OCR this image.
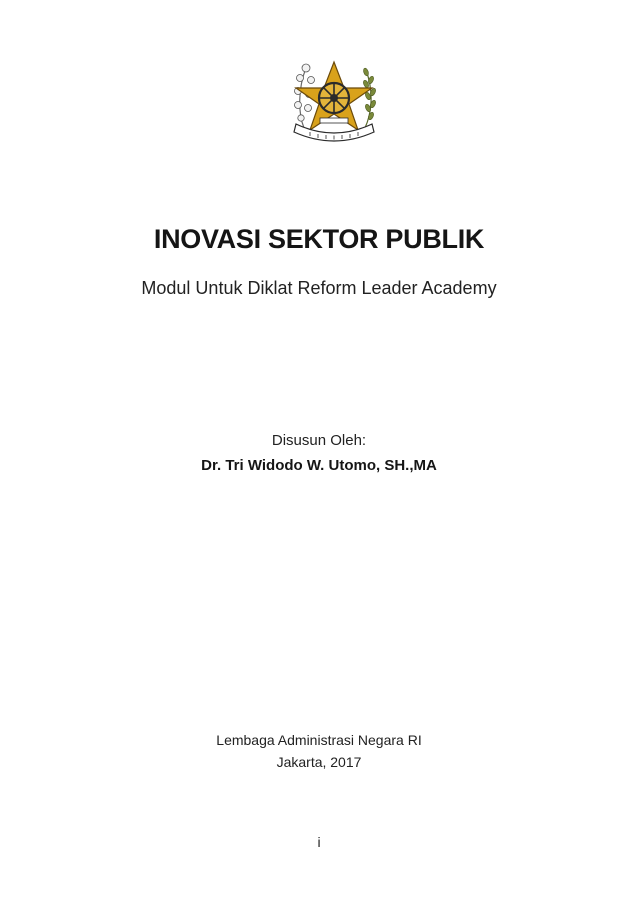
INOVASI SEKTOR PUBLIK
Modul Untuk Diklat Reform Leader Academy
Disusun Oleh:
Dr. Tri Widodo W. Utomo, SH.,MA
Lembaga Administrasi Negara RI
Jakarta, 2017
i
